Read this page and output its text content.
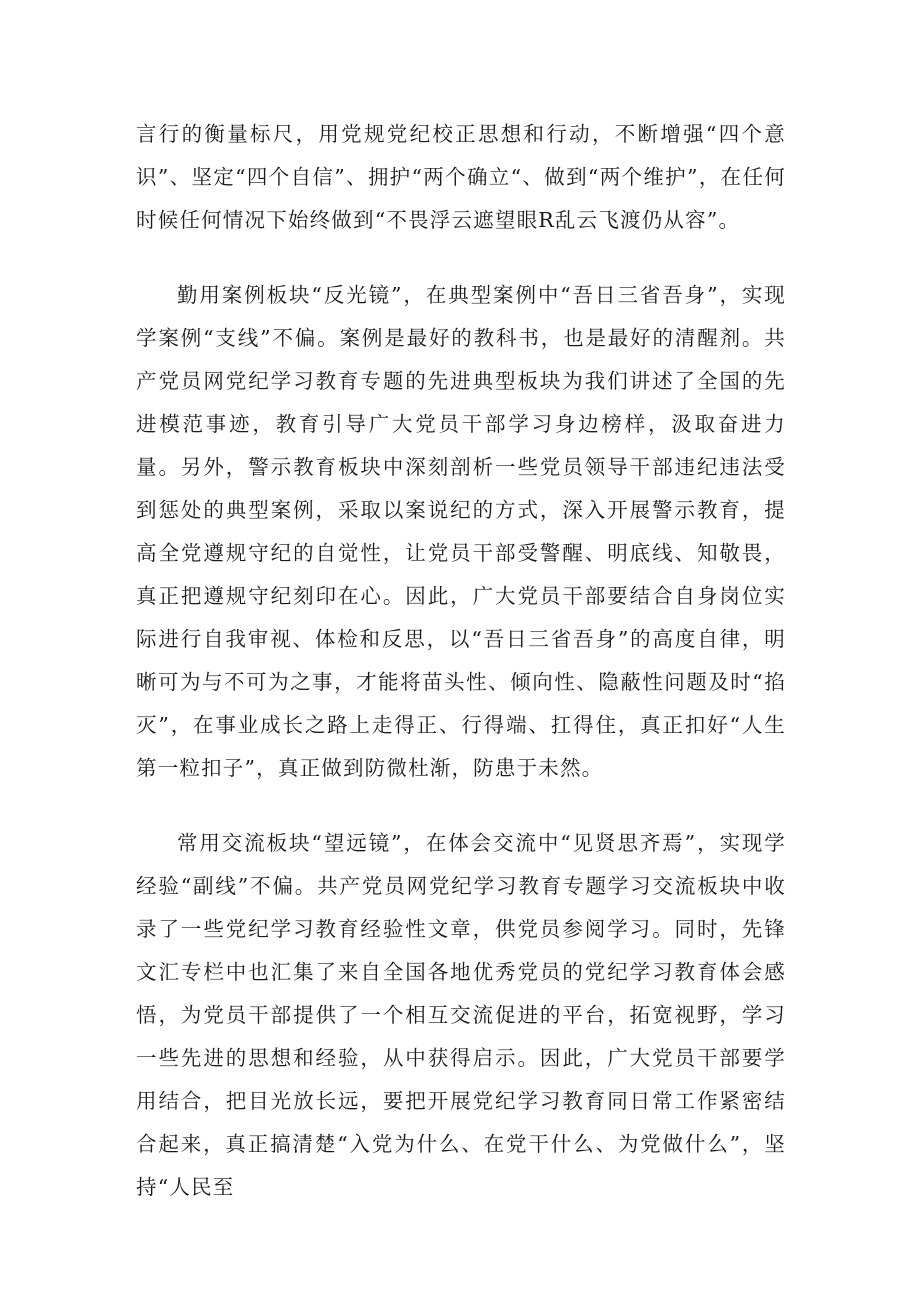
言行的衡量标尺，用党规党纪校正思想和行动，不断增强“四个意识”、坚定“四个自信”、拥护“两个确立“、做到“两个维护”，在任何时候任何情况下始终做到“不畏浮云遮望眼R乱云飞渡仍从容”。

勤用案例板块“反光镜”，在典型案例中“吾日三省吾身”，实现学案例“支线”不偏。案例是最好的教科书，也是最好的清醒剂。共产党员网党纪学习教育专题的先进典型板块为我们讲述了全国的先进模范事迹，教育引导广大党员干部学习身边榜样，汲取奋进力量。另外，警示教育板块中深刻剖析一些党员领导干部违纪违法受到惩处的典型案例，采取以案说纪的方式，深入开展警示教育，提高全党遵规守纪的自觉性，让党员干部受警醒、明底线、知敬畏，真正把遵规守纪刻印在心。因此，广大党员干部要结合自身岗位实际进行自我审视、体检和反思，以“吾日三省吾身”的高度自律，明晰可为与不可为之事，才能将苗头性、倾向性、隐蔽性问题及时“掐灭”，在事业成长之路上走得正、行得端、扛得住，真正扣好“人生第一粒扣子”，真正做到防微杜渐，防患于未然。

常用交流板块“望远镜”，在体会交流中“见贤思齐焉”，实现学经验“副线”不偏。共产党员网党纪学习教育专题学习交流板块中收录了一些党纪学习教育经验性文章，供党员参阅学习。同时，先锋文汇专栏中也汇集了来自全国各地优秀党员的党纪学习教育体会感悟，为党员干部提供了一个相互交流促进的平台，拓宽视野，学习一些先进的思想和经验，从中获得启示。因此，广大党员干部要学用结合，把目光放长远，要把开展党纪学习教育同日常工作紧密结合起来，真正搞清楚“入党为什么、在党干什么、为党做什么”，坚持“人民至
